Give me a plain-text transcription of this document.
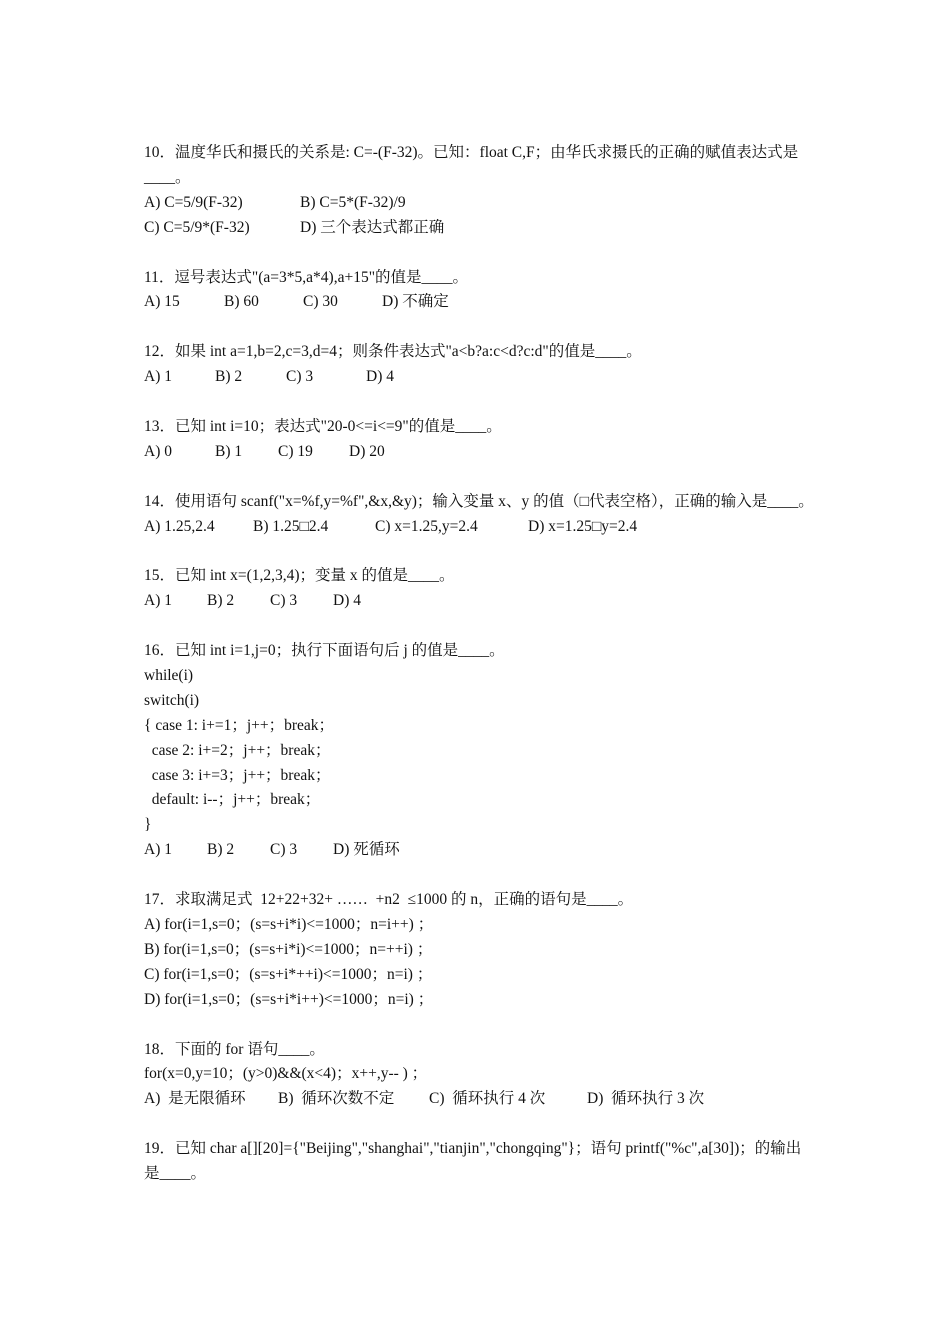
10．温度华氏和摄氏的关系是: C=-(F-32)。已知：float C,F；由华氏求摄氏的正确的赋值表达式是____。
A) C=5/9(F-32)	B) C=5*(F-32)/9
C) C=5/9*(F-32)	D) 三个表达式都正确
11．逗号表达式"(a=3*5,a*4),a+15"的值是____。
A) 15	B) 60	C) 30	D) 不确定
12．如果 int a=1,b=2,c=3,d=4；则条件表达式"a<b?a:c<d?c:d"的值是____。
A) 1	B) 2	C) 3	D) 4
13．已知 int i=10；表达式"20-0<=i<=9"的值是____。
A) 0	B) 1	C) 19	D) 20
14．使用语句 scanf("x=%f,y=%f",&x,&y)；输入变量 x、y 的值（□代表空格），正确的输入是____。
A) 1.25,2.4	B) 1.25□2.4	C) x=1.25,y=2.4	D) x=1.25□y=2.4
15．已知 int x=(1,2,3,4)；变量 x 的值是____。
A) 1	B) 2	C) 3	D) 4
16．已知 int i=1,j=0；执行下面语句后 j 的值是____。
while(i)
switch(i)
{ case 1: i+=1；j++；break；
case 2: i+=2；j++；break；
case 3: i+=3；j++；break；
default: i--；j++；break；
}
A) 1	B) 2	C) 3	D) 死循环
17．求取满足式  12+22+32+ ……  +n2  ≤1000 的 n，正确的语句是____。
A) for(i=1,s=0；(s=s+i*i)<=1000；n=i++) ；
B) for(i=1,s=0；(s=s+i*i)<=1000；n=++i) ；
C) for(i=1,s=0；(s=s+i*++i)<=1000；n=i) ；
D) for(i=1,s=0；(s=s+i*i++)<=1000；n=i) ；
18．下面的 for 语句____。
for(x=0,y=10；(y>0)&&(x<4)；x++,y-- ) ；
A)  是无限循环	B)  循环次数不定	C)  循环执行 4 次	D)  循环执行 3 次
19．已知 char a[][20]={"Beijing","shanghai","tianjin","chongqing"}；语句 printf("%c",a[30])；的输出是____。
